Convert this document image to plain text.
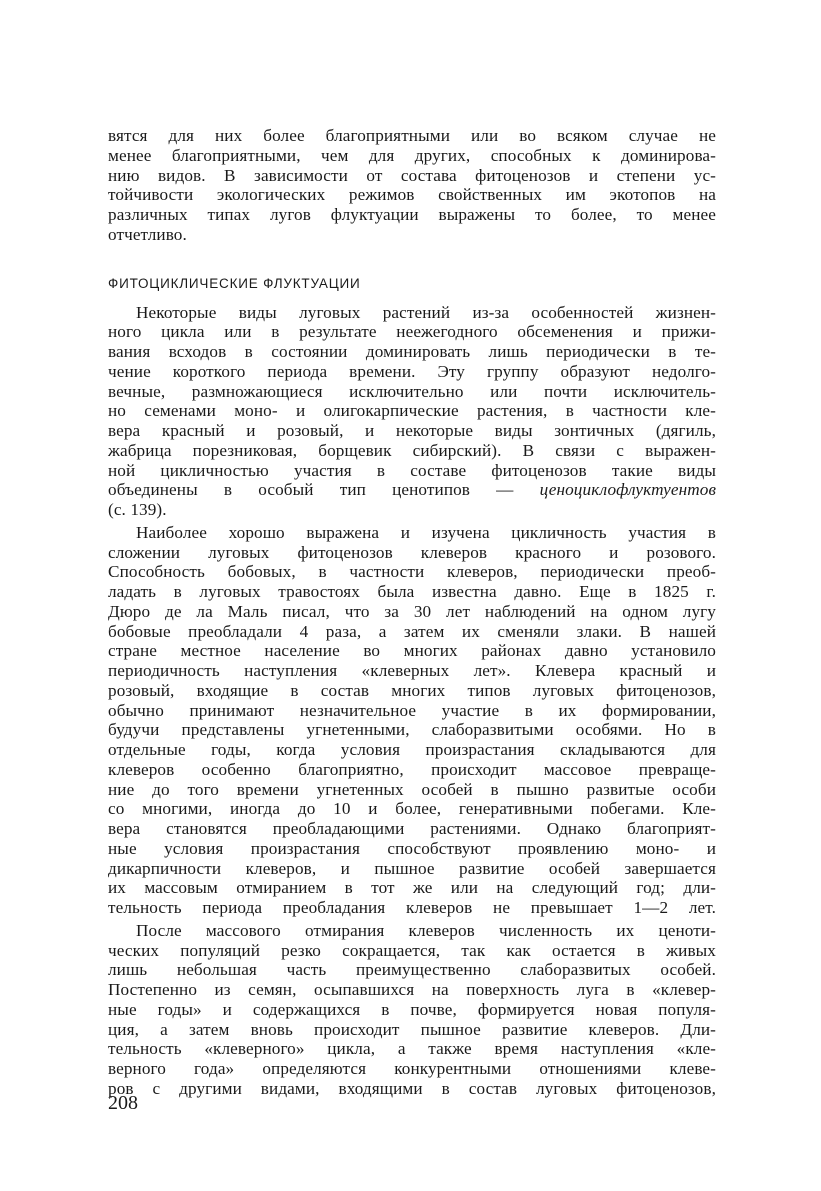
вятся для них более благоприятными или во всяком случае не
менее благоприятными, чем для других, способных к доминирова-
нию видов. В зависимости от состава фитоценозов и степени ус-
тойчивости экологических режимов свойственных им экотопов на
различных типах лугов флуктуации выражены то более, то менее
отчетливо.
ФИТОЦИКЛИЧЕСКИЕ ФЛУКТУАЦИИ
Некоторые виды луговых растений из-за особенностей жизнен-
ного цикла или в результате неежегодного обсеменения и прижи-
вания всходов в состоянии доминировать лишь периодически в те-
чение короткого периода времени. Эту группу образуют недолго-
вечные, размножающиеся исключительно или почти исключитель-
но семенами моно- и олигокарпические растения, в частности кле-
вера красный и розовый, и некоторые виды зонтичных (дягиль,
жабрица порезниковая, борщевик сибирский). В связи с выражен-
ной цикличностью участия в составе фитоценозов такие виды
объединены в особый тип ценотипов — ценоциклофлуктуентов
(с. 139).
Наиболее хорошо выражена и изучена цикличность участия в
сложении луговых фитоценозов клеверов красного и розового.
Способность бобовых, в частности клеверов, периодически преоб-
ладать в луговых травостоях была известна давно. Еще в 1825 г.
Дюро де ла Маль писал, что за 30 лет наблюдений на одном лугу
бобовые преобладали 4 раза, а затем их сменяли злаки. В нашей
стране местное население во многих районах давно установило
периодичность наступления «клеверных лет». Клевера красный и
розовый, входящие в состав многих типов луговых фитоценозов,
обычно принимают незначительное участие в их формировании,
будучи представлены угнетенными, слаборазвитыми особями. Но в
отдельные годы, когда условия произрастания складываются для
клеверов особенно благоприятно, происходит массовое превраще-
ние до того времени угнетенных особей в пышно развитые особи
со многими, иногда до 10 и более, генеративными побегами. Кле-
вера становятся преобладающими растениями. Однако благоприят-
ные условия произрастания способствуют проявлению моно- и
дикарпичности клеверов, и пышное развитие особей завершается
их массовым отмиранием в тот же или на следующий год; дли-
тельность периода преобладания клеверов не превышает 1—2 лет.
После массового отмирания клеверов численность их ценоти-
ческих популяций резко сокращается, так как остается в живых
лишь небольшая часть преимущественно слаборазвитых особей.
Постепенно из семян, осыпавшихся на поверхность луга в «клевер-
ные годы» и содержащихся в почве, формируется новая популя-
ция, а затем вновь происходит пышное развитие клеверов. Дли-
тельность «клеверного» цикла, а также время наступления «кле-
верного года» определяются конкурентными отношениями клеве-
ров с другими видами, входящими в состав луговых фитоценозов,
208
